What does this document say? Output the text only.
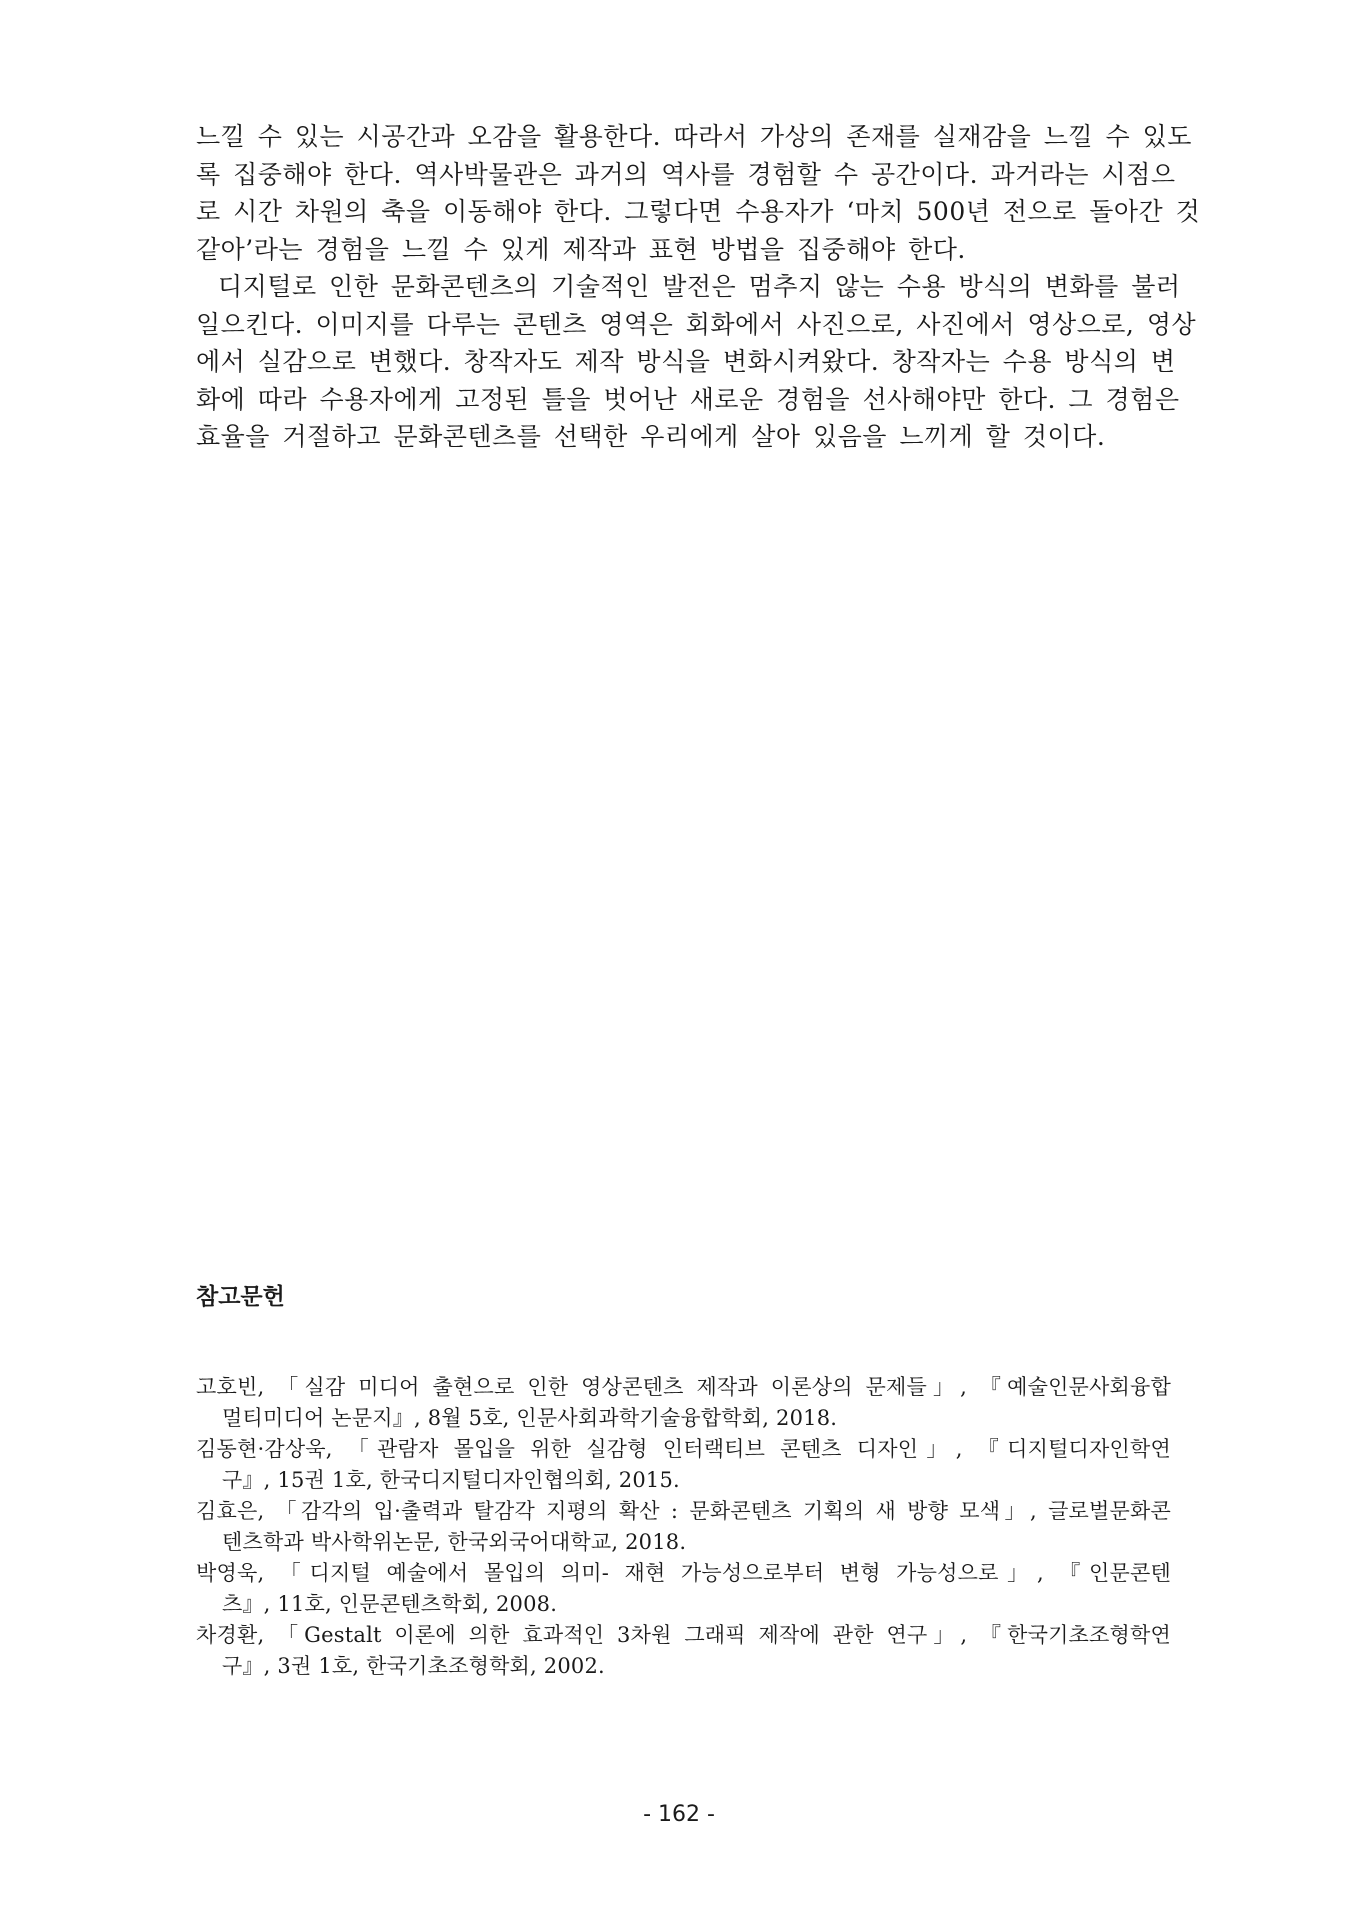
느낄 수 있는 시공간과 오감을 활용한다. 따라서 가상의 존재를 실재감을 느낄 수 있도
록 집중해야 한다. 역사박물관은 과거의 역사를 경험할 수 공간이다. 과거라는 시점으
로 시간 차원의 축을 이동해야 한다. 그렇다면 수용자가 ‘마치 500년 전으로 돌아간 것
같아’라는 경험을 느낄 수 있게 제작과 표현 방법을 집중해야 한다.
디지털로 인한 문화콘텐츠의 기술적인 발전은 멈추지 않는 수용 방식의 변화를 불러
일으킨다. 이미지를 다루는 콘텐츠 영역은 회화에서 사진으로, 사진에서 영상으로, 영상
에서 실감으로 변했다. 창작자도 제작 방식을 변화시켜왔다. 창작자는 수용 방식의 변
화에 따라 수용자에게 고정된 틀을 벗어난 새로운 경험을 선사해야만 한다. 그 경험은
효율을 거절하고 문화콘텐츠를 선택한 우리에게 살아 있음을 느끼게 할 것이다.
참고문헌
고호빈, 「실감 미디어 출현으로 인한 영상콘텐츠 제작과 이론상의 문제들」, 『예술인문사회융합
멀티미디어 논문지』, 8월 5호, 인문사회과학기술융합학회, 2018.
김동현·감상욱, 「관람자 몰입을 위한 실감형 인터랙티브 콘텐츠 디자인」, 『디지털디자인학연
구』, 15권 1호, 한국디지털디자인협의회, 2015.
김효은, 「감각의 입·출력과 탈감각 지평의 확산 : 문화콘텐츠 기획의 새 방향 모색」, 글로벌문화콘
텐츠학과 박사학위논문, 한국외국어대학교, 2018.
박영욱, 「디지털 예술에서 몰입의 의미- 재현 가능성으로부터 변형 가능성으로」, 『인문콘텐
츠』, 11호, 인문콘텐츠학회, 2008.
차경환, 「Gestalt 이론에 의한 효과적인 3차원 그래픽 제작에 관한 연구」, 『한국기초조형학연
구』, 3권 1호, 한국기초조형학회, 2002.
- 162 -
